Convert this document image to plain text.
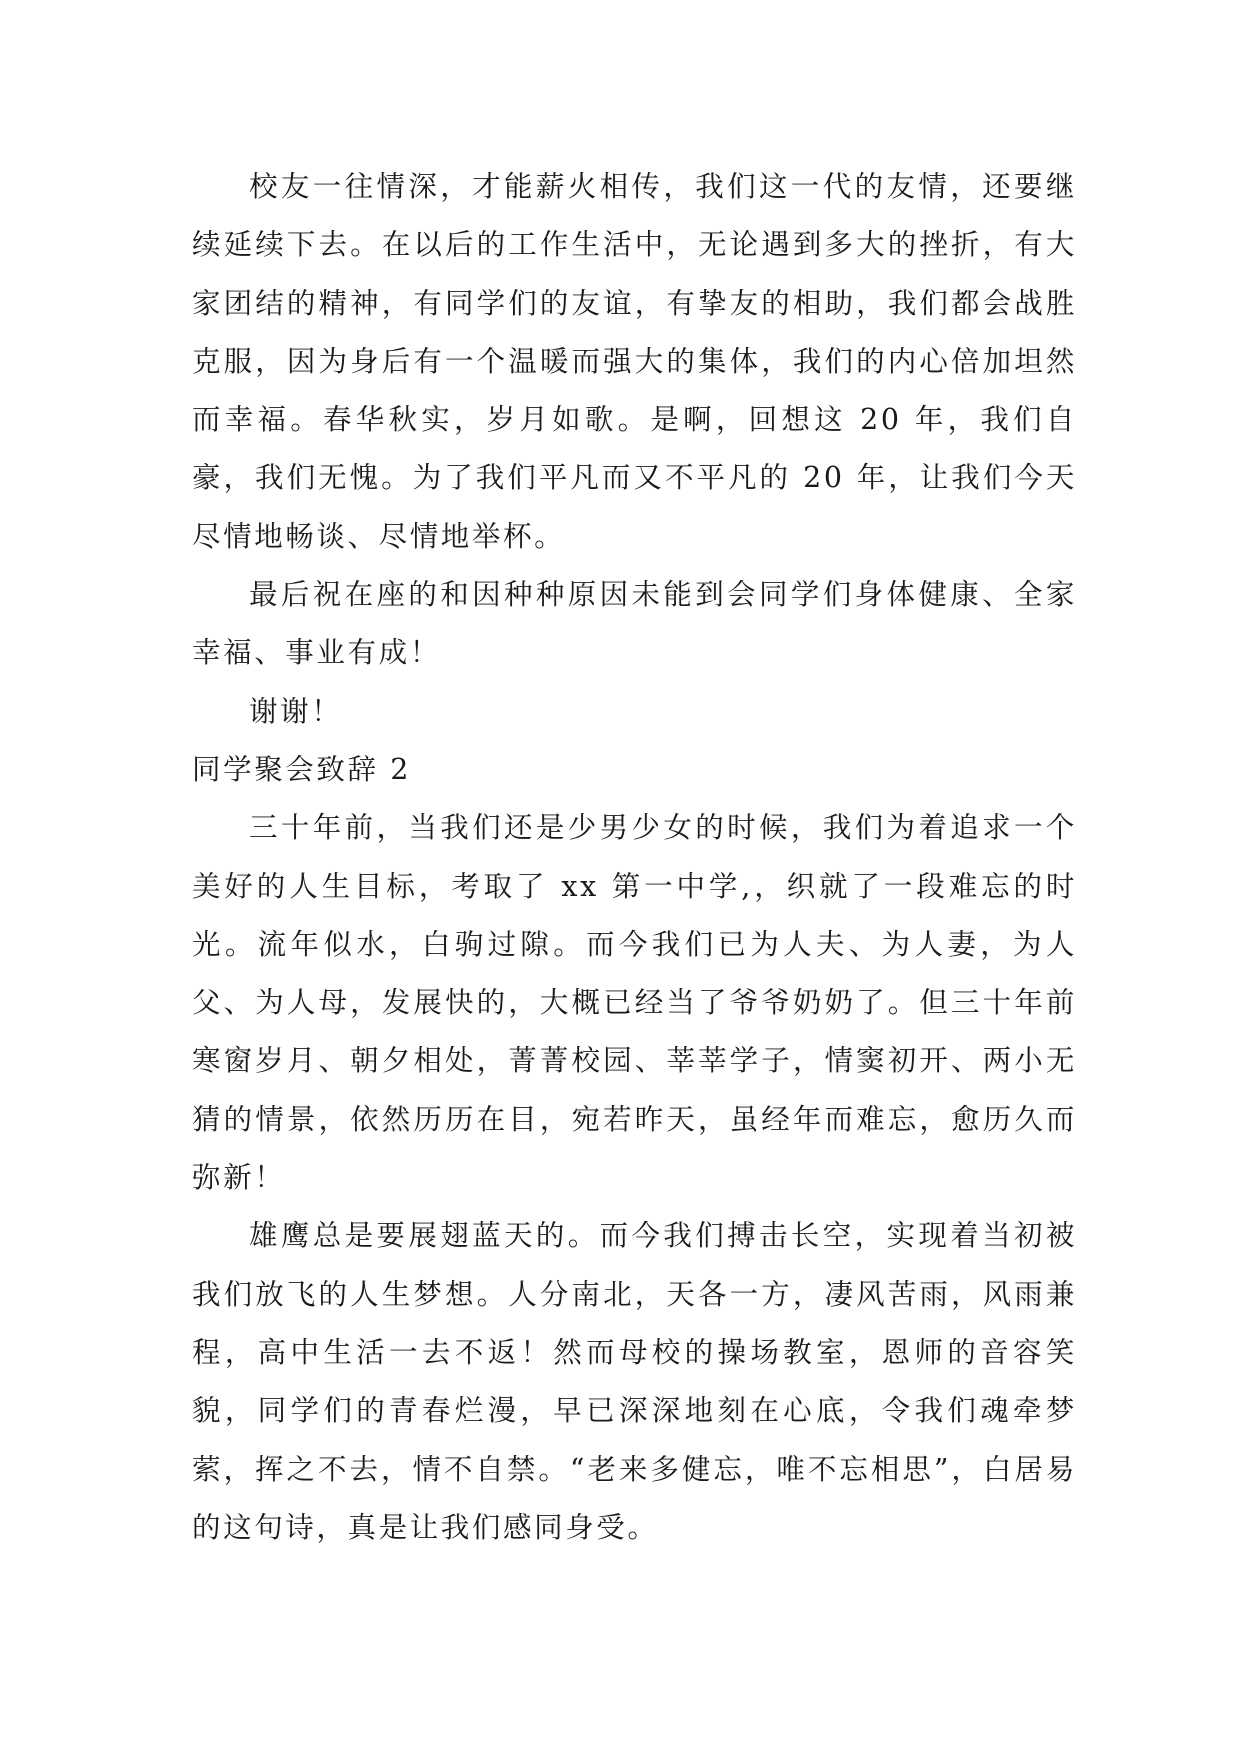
校友一往情深，才能薪火相传，我们这一代的友情，还要继续延续下去。在以后的工作生活中，无论遇到多大的挫折，有大家团结的精神，有同学们的友谊，有挚友的相助，我们都会战胜克服，因为身后有一个温暖而强大的集体，我们的内心倍加坦然而幸福。春华秋实，岁月如歌。是啊，回想这 20 年，我们自豪，我们无愧。为了我们平凡而又不平凡的 20 年，让我们今天尽情地畅谈、尽情地举杯。

最后祝在座的和因种种原因未能到会同学们身体健康、全家幸福、事业有成！

谢谢！

同学聚会致辞 2

三十年前，当我们还是少男少女的时候，我们为着追求一个美好的人生目标，考取了 xx 第一中学,，织就了一段难忘的时光。流年似水，白驹过隙。而今我们已为人夫、为人妻，为人父、为人母，发展快的，大概已经当了爷爷奶奶了。但三十年前寒窗岁月、朝夕相处，菁菁校园、莘莘学子，情窦初开、两小无猜的情景，依然历历在目，宛若昨天，虽经年而难忘，愈历久而弥新！

雄鹰总是要展翅蓝天的。而今我们搏击长空，实现着当初被我们放飞的人生梦想。人分南北，天各一方，凄风苦雨，风雨兼程，高中生活一去不返！然而母校的操场教室，恩师的音容笑貌，同学们的青春烂漫，早已深深地刻在心底，令我们魂牵梦萦，挥之不去，情不自禁。“老来多健忘，唯不忘相思”，白居易的这句诗，真是让我们感同身受。
